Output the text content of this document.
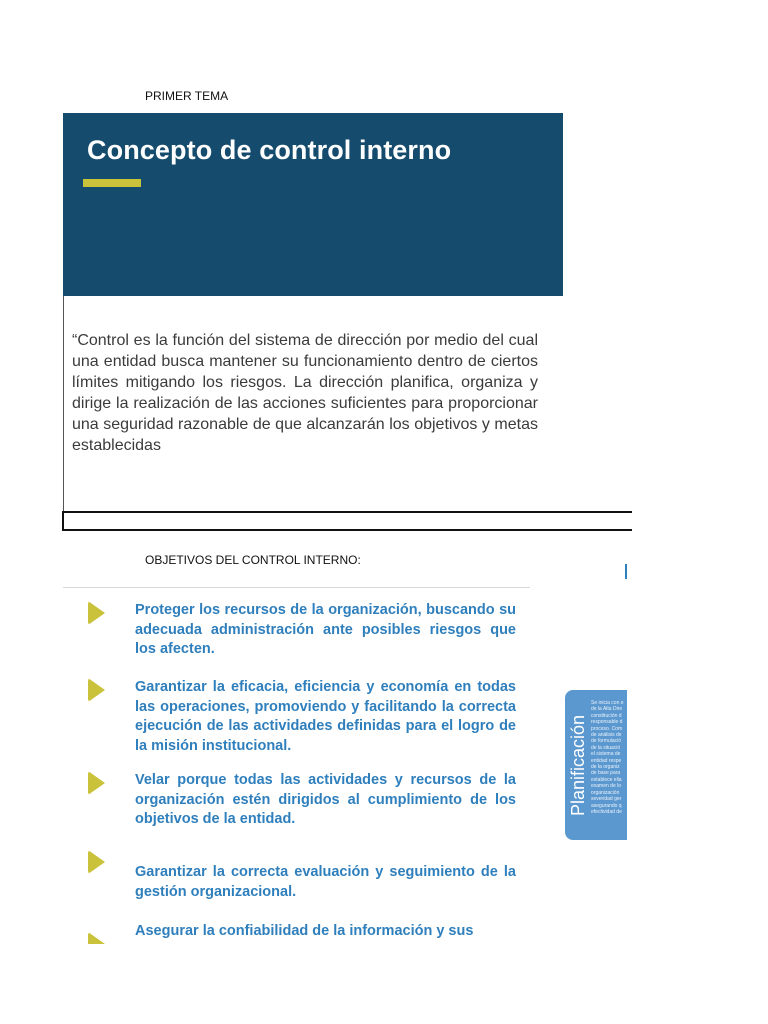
PRIMER TEMA
Concepto de control interno
“Control es la función del sistema de dirección por medio del cual una entidad busca mantener su funcionamiento dentro de ciertos límites mitigando los riesgos. La dirección planifica, organiza y dirige la realización de las acciones suficientes para proporcionar una seguridad razonable de que alcanzarán los objetivos y metas establecidas
OBJETIVOS DEL CONTROL INTERNO:
Proteger los recursos de la organización, buscando su adecuada administración ante posibles riesgos que los afecten.
Garantizar la eficacia, eficiencia y economía en todas las operaciones, promoviendo y facilitando la correcta ejecución de las actividades definidas para el logro de la misión institucional.
Velar porque todas las actividades y recursos de la organización estén dirigidos al cumplimiento de los objetivos de la entidad.
Garantizar la correcta evaluación y seguimiento de la gestión organizacional.
Asegurar la confiabilidad de la información y sus
Planificación
Se inicia con e
de la Alta Dire
constitución d
responsable d
proceso. Com
de análisis de
de formulació
de la situació
el sistema de
entidad respe
de la organiz
de base para
establece ella
examen de lo
organización
severidad ger
asegurando q
efectividad de
